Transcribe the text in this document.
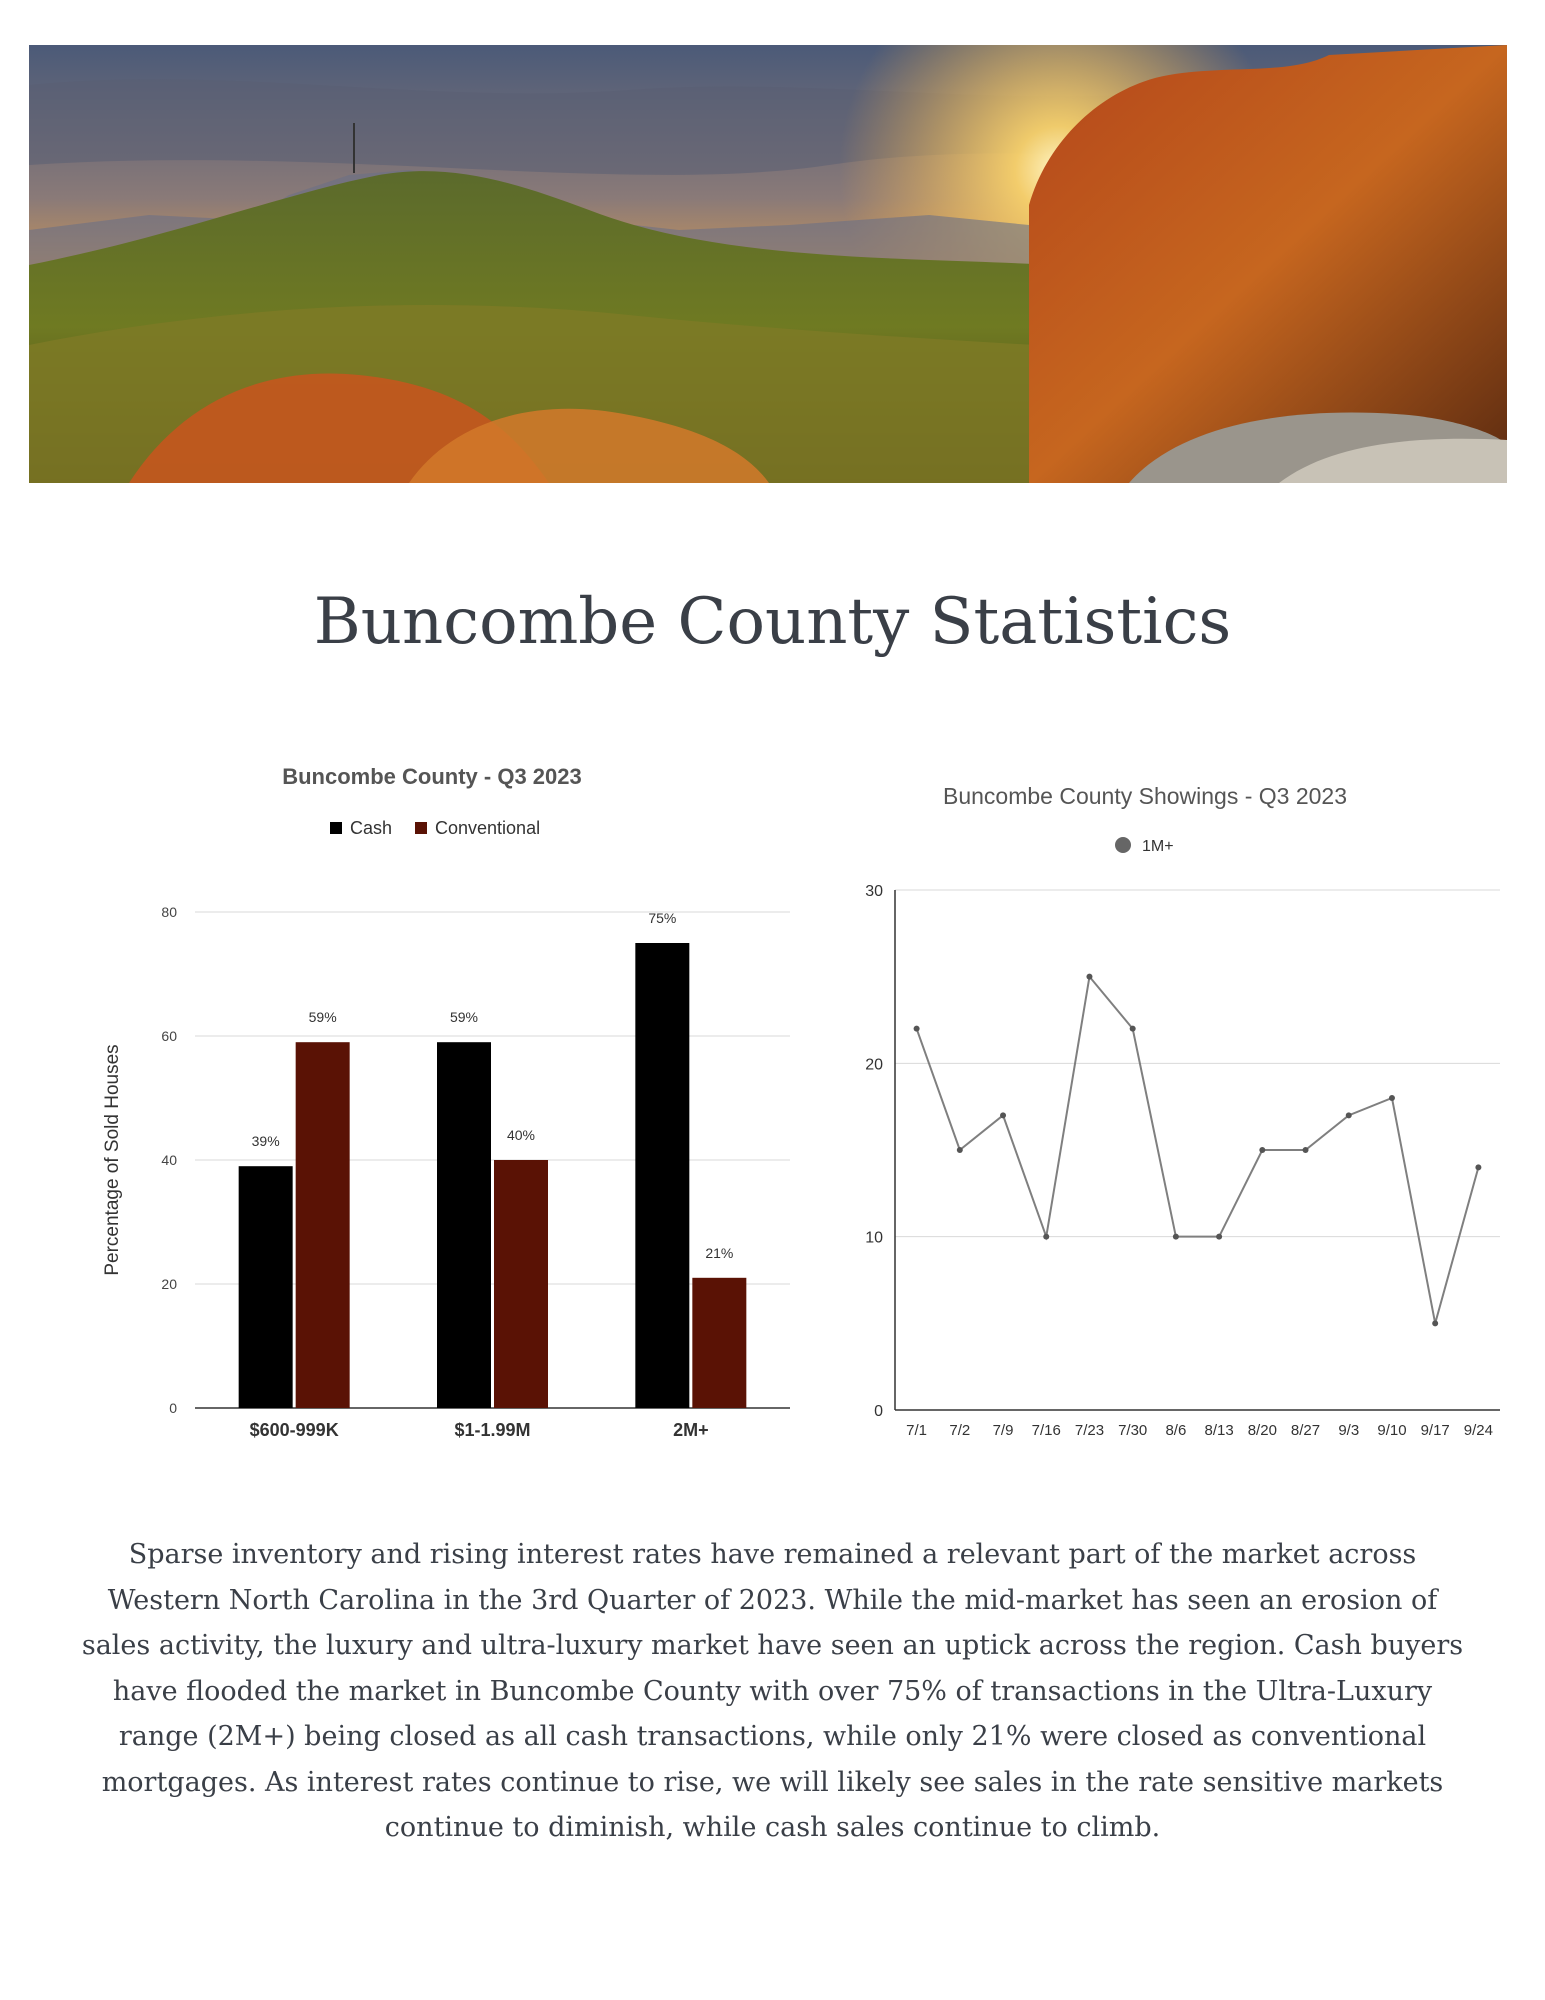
Buncombe County Statistics
Buncombe County - Q3 2023
Cash Conventional
0
20
40
60
80
Percentage of Sold Houses	39%
59%
$600-999K
59%
40%
$1-1.99M
75%
21%
2M+
Buncombe County Showings - Q3 2023
1M+
0
10
20
30
7/1 7/2 7/9 7/16 7/23 7/30 8/6 8/13 8/20 8/27 9/3 9/10 9/17 9/24

Sparse inventory and rising interest rates have remained a relevant part of the market across Western North Carolina in the 3rd Quarter of 2023. While the mid-market has seen an erosion of sales activity, the luxury and ultra-luxury market have seen an uptick across the region. Cash buyers have flooded the market in Buncombe County with over 75% of transactions in the Ultra-Luxury range (2M+) being closed as all cash transactions, while only 21% were closed as conventional mortgages. As interest rates continue to rise, we will likely see sales in the rate sensitive markets continue to diminish, while cash sales continue to climb.
